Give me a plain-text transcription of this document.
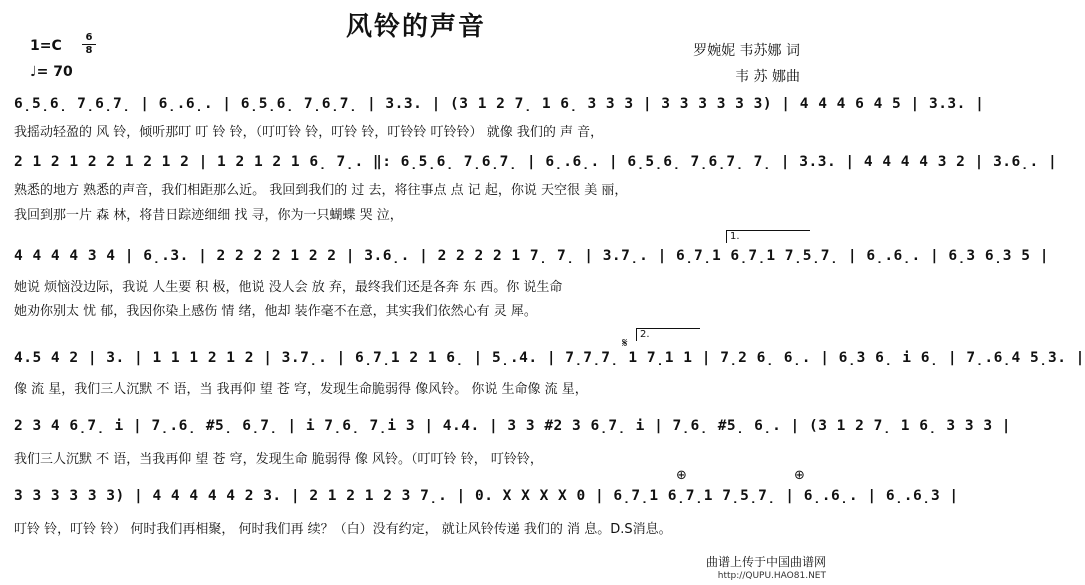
风铃的声音
1=C
6
8
♩= 70
罗婉妮 韦苏娜 词
韦 苏 娜曲
6̣5̣6̣ 7̣6̣7̣ | 6̣.6̣. | 6̣5̣6̣ 7̣6̣7̣ | 3.3. | (3 1 2 7̣ 1 6̣ 3 3 3 | 3 3 3 3 3 3) | 4 4 4 6 4 5 | 3.3. |
我摇动轻盈的 风 铃，倾听那叮 叮 铃 铃，（叮叮铃 铃，叮铃 铃，叮铃铃 叮铃铃） 就像 我们的 声 音，
2 1 2 1 2 2 1 2 1 2 | 1 2 1 2 1 6̣ 7̣. ‖: 6̣5̣6̣ 7̣6̣7̣ | 6̣.6̣. | 6̣5̣6̣ 7̣6̣7̣ 7̣ | 3.3. | 4 4 4 4 3 2 | 3.6̣. |
熟悉的地方 熟悉的声音，我们相距那么近。 我回到我们的 过 去，将往事点 点 记 起，你说 天空很 美 丽，
我回到那一片 森 林，将昔日踪迹细细 找 寻，你为一只蝴蝶 哭 泣，
1.
4 4 4 4 3 4 | 6̣.3. | 2 2 2 2 1 2 2 | 3.6̣. | 2 2 2 2 1 7̣ 7̣ | 3.7̣. | 6̣7̣1 6̣7̣1 7̣5̣7̣ | 6̣.6̣. | 6̣3 6̣3 5 |
她说 烦恼没边际，我说 人生要 积 极，他说 没人会 放 弃，最终我们还是各奔 东 西。你 说生命
她劝你别太 忧 郁，我因你染上感伤 情 绪，他却 装作毫不在意，其实我们依然心有 灵 犀。
2.
𝄋
4.5 4 2 | 3. | 1 1 1 2 1 2 | 3.7̣. | 6̣7̣1 2 1 6̣ | 5̣.4. | 7̣7̣7̣ 1 7̣1 1 | 7̣2 6̣ 6̣. | 6̣3 6̣ i 6̣ | 7̣.6̣4 5̣3. |
像 流 星，我们三人沉默 不 语，当 我再仰 望 苍 穹，发现生命脆弱得 像风铃。 你说 生命像 流 星，
2 3 4 6̣7̣ i | 7̣.6̣ #5̣ 6̣7̣ | i 7̣6̣ 7̣i 3 | 4.4. | 3 3 #2 3 6̣7̣ i | 7̣6̣ #5̣ 6̣. | (3 1 2 7̣ 1 6̣ 3 3 3 |
我们三人沉默 不 语，当我再仰 望 苍 穹，发现生命 脆弱得 像 风铃。（叮叮铃 铃， 叮铃铃，
⊕	⊕
3 3 3 3 3 3) | 4 4 4 4 4 2 3. | 2 1 2 1 2 3 7̣. | 0. X X X X 0 | 6̣7̣1 6̣7̣1 7̣5̣7̣ | 6̣.6̣. | 6̣.6̣3 |
叮铃 铃，叮铃 铃） 何时我们再相聚， 何时我们再 续？（白）没有约定， 就让风铃传递 我们的 消 息。D.S消息。
曲谱上传于中国曲谱网
http://QUPU.HAO81.NET
